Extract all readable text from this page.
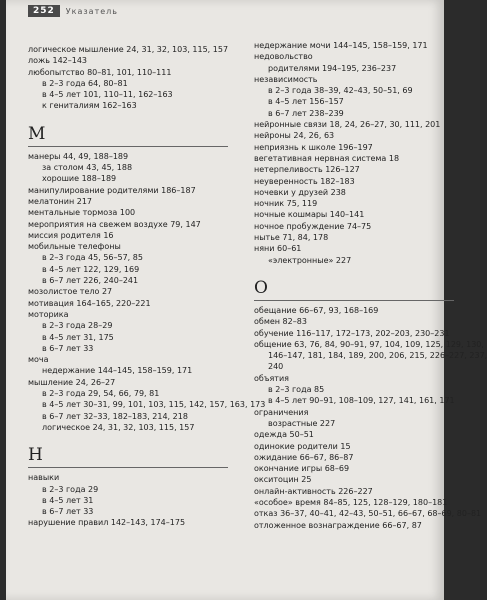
252	Указатель
логическое мышление 24, 31, 32, 103, 115, 157
ложь 142–143
любопытство 80–81, 101, 110–111
в 2–3 года 64, 80–81
в 4–5 лет 101, 110–11, 162–163
к гениталиям 162–163
М
манеры 44, 49, 188–189
за столом 43, 45, 188
хорошие 188–189
манипулирование родителями 186–187
мелатонин 217
ментальные тормоза 100
мероприятия на свежем воздухе 79, 147
миссия родителя 16
мобильные телефоны
в 2–3 года 45, 56–57, 85
в 4–5 лет 122, 129, 169
в 6–7 лет 226, 240–241
мозолистое тело 27
мотивация 164–165, 220–221
моторика
в 2–3 года 28–29
в 4–5 лет 31, 175
в 6–7 лет 33
моча
недержание 144–145, 158–159, 171
мышление 24, 26–27
в 2–3 года 29, 54, 66, 79, 81
в 4–5 лет 30–31, 99, 101, 103, 115, 142, 157, 163, 173
в 6–7 лет 32–33, 182–183, 214, 218
логическое 24, 31, 32, 103, 115, 157
Н
навыки
в 2–3 года 29
в 4–5 лет 31
в 6–7 лет 33
нарушение правил 142–143, 174–175
недержание мочи 144–145, 158–159, 171
недовольство
родителями 194–195, 236–237
независимость
в 2–3 года 38–39, 42–43, 50–51, 69
в 4–5 лет 156–157
в 6–7 лет 238–239
нейронные связи 18, 24, 26–27, 30, 111, 201
нейроны 24, 26, 63
неприязнь к школе 196–197
вегетативная нервная система 18
нетерпеливость 126–127
неуверенность 182–183
ночевки у друзей 238
ночник 75, 119
ночные кошмары 140–141
ночное пробуждение 74–75
нытье 71, 84, 178
няни 60–61
«электронные» 227
О
обещание 66–67, 93, 168–169
обмен 82–83
обучение 116–117, 172–173, 202–203, 230–231
общение 63, 76, 84, 90–91, 97, 104, 109, 125, 129, 130,
146–147, 181, 184, 189, 200, 206, 215, 226–227, 237,
240
объятия
в 2–3 года 85
в 4–5 лет 90–91, 108–109, 127, 141, 161, 171
ограничения
возрастные 227
одежда 50–51
одинокие родители 15
ожидание 66–67, 86–87
окончание игры 68–69
окситоцин 25
онлайн-активность 226–227
«особое» время 84–85, 125, 128–129, 180–181
отказ 36–37, 40–41, 42–43, 50–51, 66–67, 68–69, 80–81
отложенное вознаграждение 66–67, 87
